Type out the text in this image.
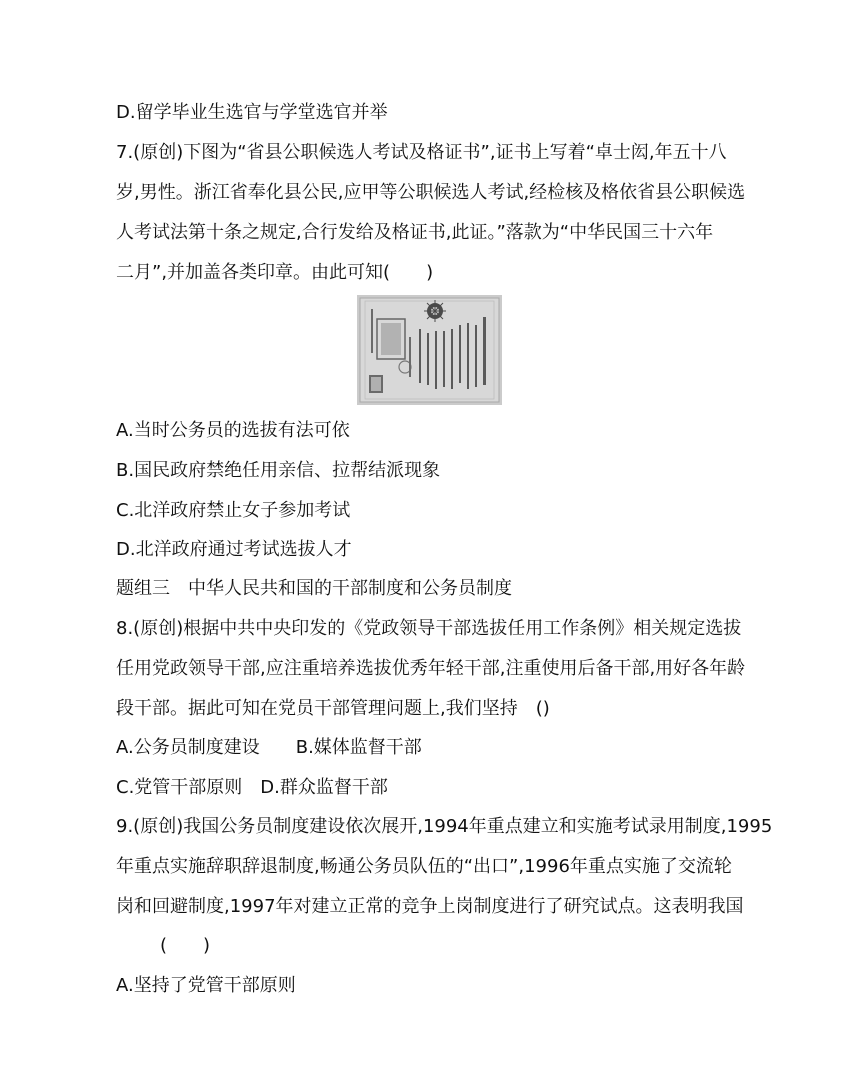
D.留学毕业生选官与学堂选官并举
7.(原创)下图为“省县公职候选人考试及格证书”,证书上写着“卓士闳,年五十八
岁,男性。浙江省奉化县公民,应甲等公职候选人考试,经检核及格依省县公职候选
人考试法第十条之规定,合行发给及格证书,此证。”落款为“中华民国三十六年
二月”,并加盖各类印章。由此可知(　　)
A.当时公务员的选拔有法可依
B.国民政府禁绝任用亲信、拉帮结派现象
C.北洋政府禁止女子参加考试
D.北洋政府通过考试选拔人才
题组三　中华人民共和国的干部制度和公务员制度
8.(原创)根据中共中央印发的《党政领导干部选拔任用工作条例》相关规定选拔
任用党政领导干部,应注重培养选拔优秀年轻干部,注重使用后备干部,用好各年龄
段干部。据此可知在党员干部管理问题上,我们坚持　()
A.公务员制度建设　　B.媒体监督干部
C.党管干部原则　D.群众监督干部
9.(原创)我国公务员制度建设依次展开,1994年重点建立和实施考试录用制度,1995
年重点实施辞职辞退制度,畅通公务员队伍的“出口”,1996年重点实施了交流轮
岗和回避制度,1997年对建立正常的竞争上岗制度进行了研究试点。这表明我国
(　　)
A.坚持了党管干部原则
